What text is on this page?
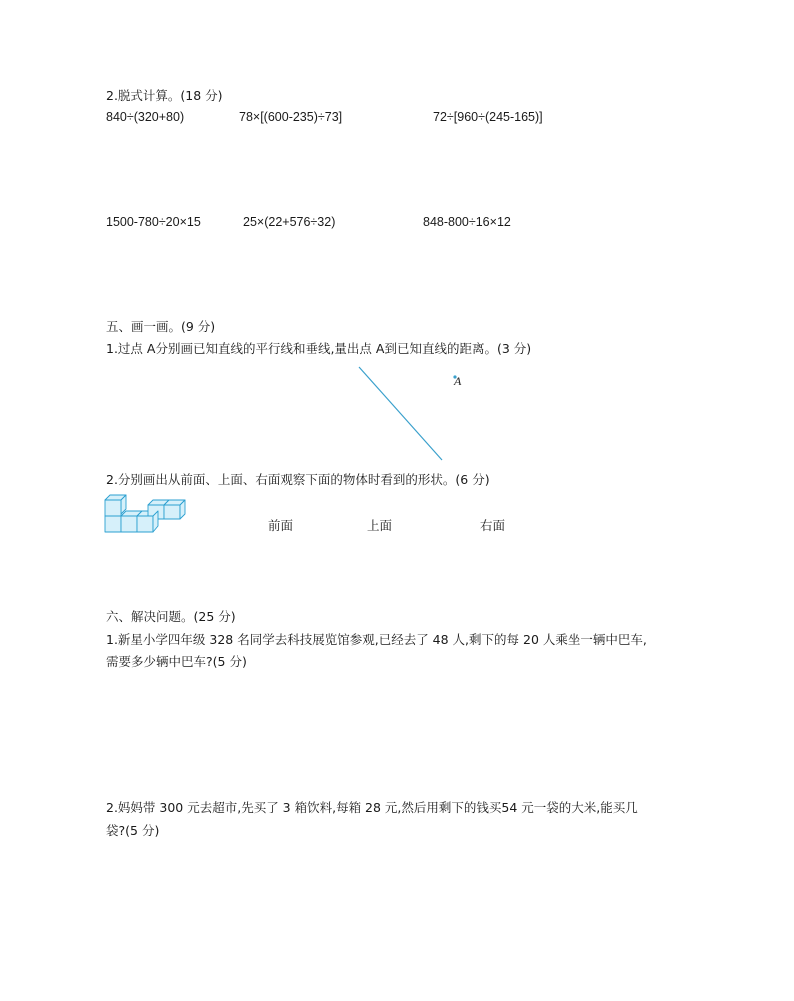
2.脱式计算。(18 分)
840÷(320+80)	78×[(600-235)÷73]	72÷[960÷(245-165)]
1500-780÷20×15	25×(22+576÷32)	848-800÷16×12
五、画一画。(9 分)
1.过点 A分别画已知直线的平行线和垂线,量出点 A到已知直线的距离。(3 分)
A
2.分别画出从前面、上面、右面观察下面的物体时看到的形状。(6 分)
前面	上面	右面
六、解决问题。(25 分)
1.新星小学四年级 328 名同学去科技展览馆参观,已经去了 48 人,剩下的每 20 人乘坐一辆中巴车,
需要多少辆中巴车?(5 分)
2.妈妈带 300 元去超市,先买了 3 箱饮料,每箱 28 元,然后用剩下的钱买54 元一袋的大米,能买几
袋?(5 分)
